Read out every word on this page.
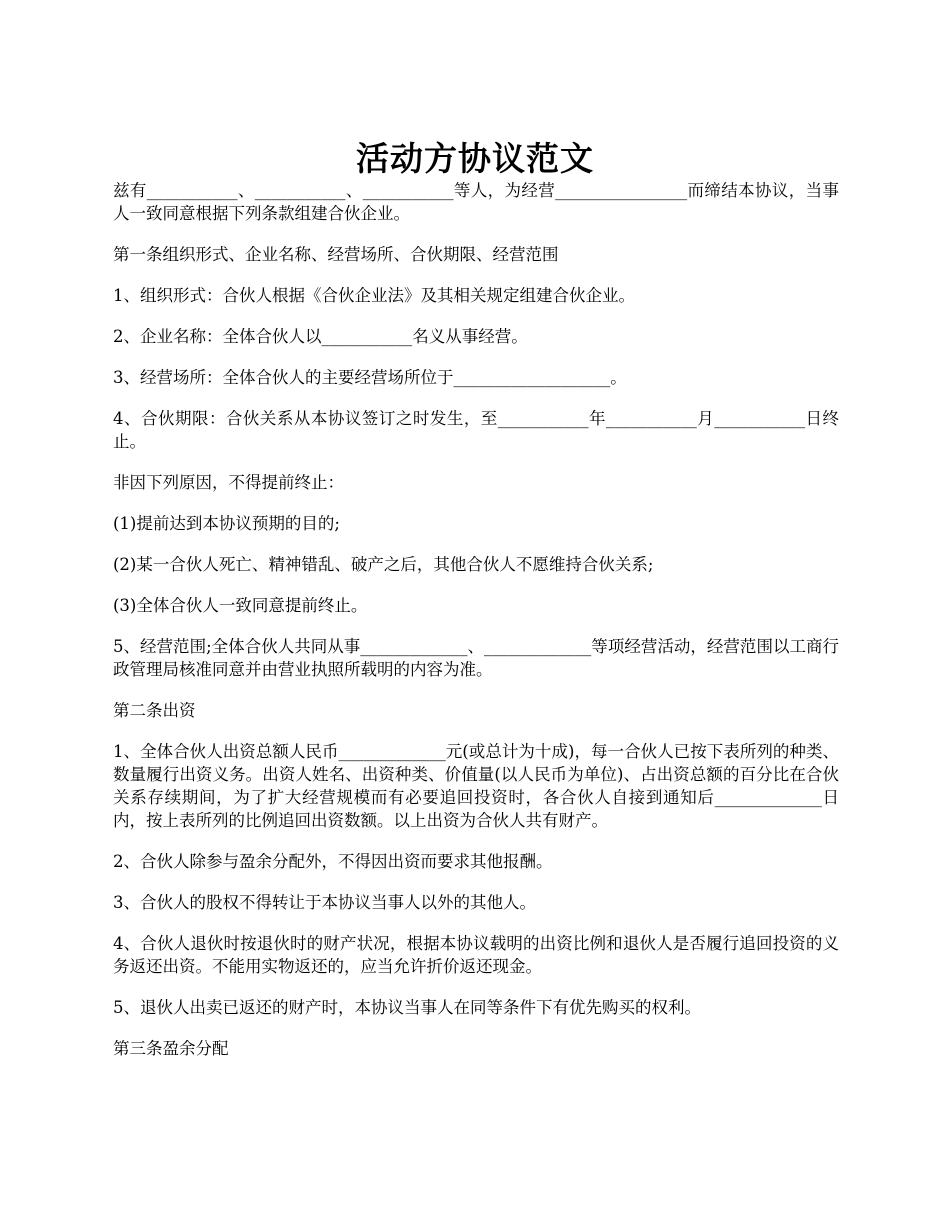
活动方协议范文

兹有___________、___________、___________等人，为经营________________而缔结本协议，当事人一致同意根据下列条款组建合伙企业。

第一条组织形式、企业名称、经营场所、合伙期限、经营范围

1、组织形式：合伙人根据《合伙企业法》及其相关规定组建合伙企业。

2、企业名称：全体合伙人以___________名义从事经营。

3、经营场所：全体合伙人的主要经营场所位于___________________。

4、合伙期限：合伙关系从本协议签订之时发生，至___________年___________月___________日终止。

非因下列原因，不得提前终止：

(1)提前达到本协议预期的目的;

(2)某一合伙人死亡、精神错乱、破产之后，其他合伙人不愿维持合伙关系;

(3)全体合伙人一致同意提前终止。

5、经营范围;全体合伙人共同从事_____________、_____________等项经营活动，经营范围以工商行政管理局核准同意并由营业执照所载明的内容为准。

第二条出资

1、全体合伙人出资总额人民币_____________元(或总计为十成)，每一合伙人已按下表所列的种类、数量履行出资义务。出资人姓名、出资种类、价值量(以人民币为单位)、占出资总额的百分比在合伙关系存续期间，为了扩大经营规模而有必要追回投资时，各合伙人自接到通知后_____________日内，按上表所列的比例追回出资数额。以上出资为合伙人共有财产。

2、合伙人除参与盈余分配外，不得因出资而要求其他报酬。

3、合伙人的股权不得转让于本协议当事人以外的其他人。

4、合伙人退伙时按退伙时的财产状况，根据本协议载明的出资比例和退伙人是否履行追回投资的义务返还出资。不能用实物返还的，应当允许折价返还现金。

5、退伙人出卖已返还的财产时，本协议当事人在同等条件下有优先购买的权利。

第三条盈余分配
